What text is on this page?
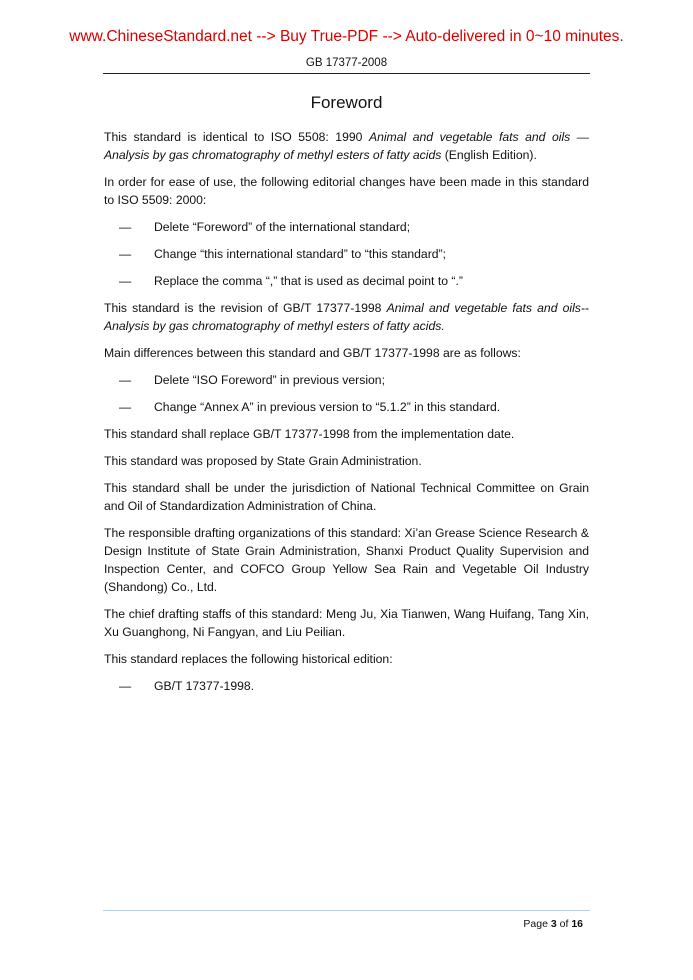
www.ChineseStandard.net --> Buy True-PDF --> Auto-delivered in 0~10 minutes.
GB 17377-2008
Foreword

This standard is identical to ISO 5508: 1990 Animal and vegetable fats and oils — Analysis by gas chromatography of methyl esters of fatty acids (English Edition).

In order for ease of use, the following editorial changes have been made in this standard to ISO 5509: 2000:

—	Delete “Foreword” of the international standard;
—	Change “this international standard” to “this standard”;
—	Replace the comma “,” that is used as decimal point to “.”

This standard is the revision of GB/T 17377-1998 Animal and vegetable fats and oils--Analysis by gas chromatography of methyl esters of fatty acids.

Main differences between this standard and GB/T 17377-1998 are as follows:

—	Delete “ISO Foreword” in previous version;
—	Change “Annex A” in previous version to “5.1.2” in this standard.

This standard shall replace GB/T 17377-1998 from the implementation date.

This standard was proposed by State Grain Administration.

This standard shall be under the jurisdiction of National Technical Committee on Grain and Oil of Standardization Administration of China.

The responsible drafting organizations of this standard: Xi’an Grease Science Research & Design Institute of State Grain Administration, Shanxi Product Quality Supervision and Inspection Center, and COFCO Group Yellow Sea Rain and Vegetable Oil Industry (Shandong) Co., Ltd.

The chief drafting staffs of this standard: Meng Ju, Xia Tianwen, Wang Huifang, Tang Xin, Xu Guanghong, Ni Fangyan, and Liu Peilian.

This standard replaces the following historical edition:

—	GB/T 17377-1998.
Page 3 of 16
